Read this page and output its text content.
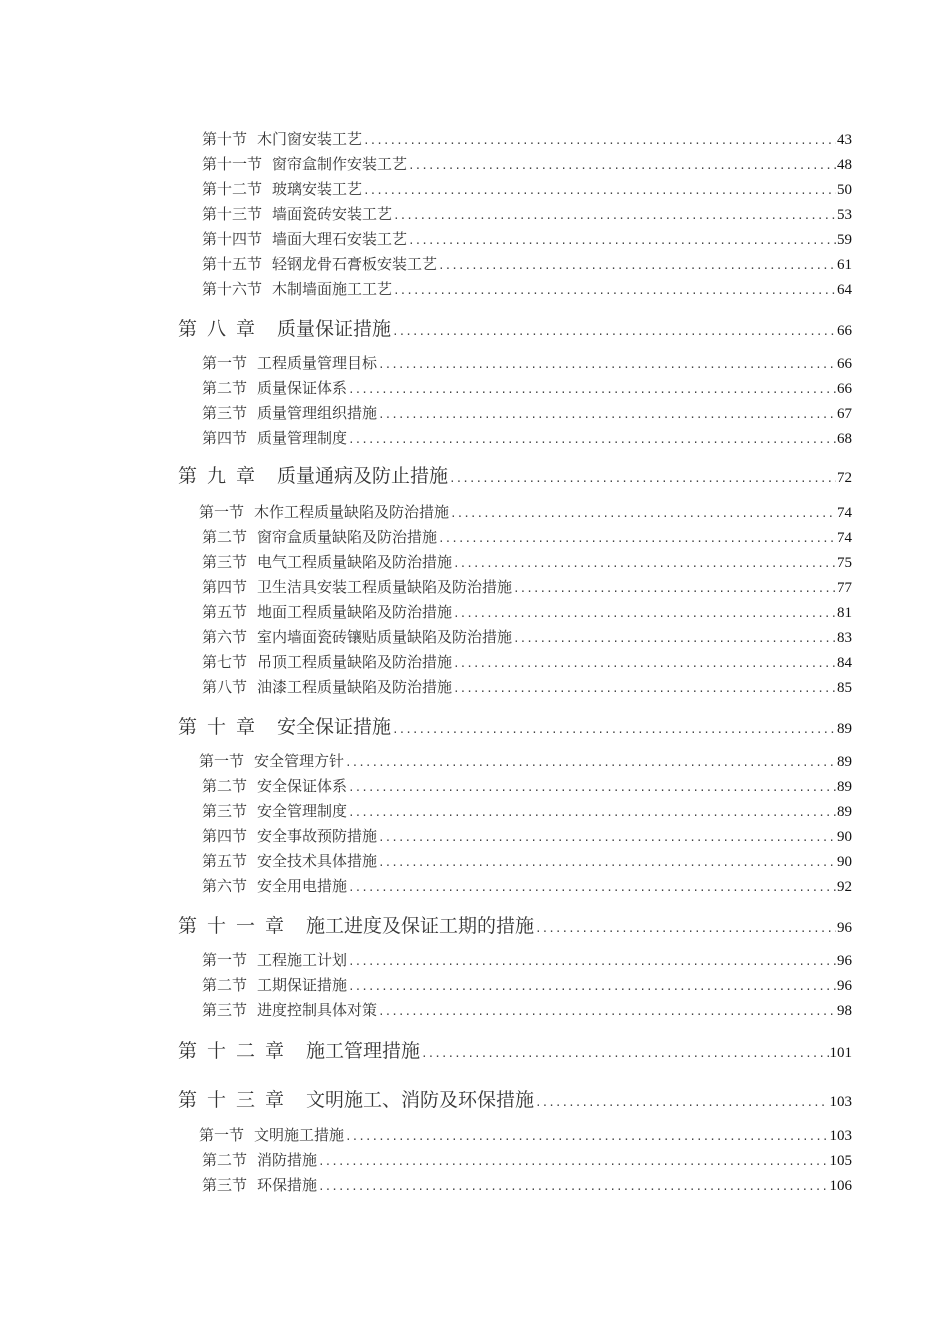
第十节 木门窗安装工艺 .....	43
第十一节 窗帘盒制作安装工艺 .....	48
第十二节 玻璃安装工艺 .....	50
第十三节 墙面瓷砖安装工艺 .....	53
第十四节 墙面大理石安装工艺 .....	59
第十五节 轻钢龙骨石膏板安装工艺 .....	61
第十六节 木制墙面施工工艺 .....	64
第八章 质量保证措施 .....	66
第一节 工程质量管理目标 .....	66
第二节 质量保证体系 .....	66
第三节 质量管理组织措施 .....	67
第四节 质量管理制度 .....	68
第九章 质量通病及防止措施 .....	72
第一节 木作工程质量缺陷及防治措施 .....	74
第二节 窗帘盒质量缺陷及防治措施 .....	74
第三节 电气工程质量缺陷及防治措施 .....	75
第四节 卫生洁具安装工程质量缺陷及防治措施 .....	77
第五节 地面工程质量缺陷及防治措施 .....	81
第六节 室内墙面瓷砖镶贴质量缺陷及防治措施 .....	83
第七节 吊顶工程质量缺陷及防治措施 .....	84
第八节 油漆工程质量缺陷及防治措施 .....	85
第十章 安全保证措施 .....	89
第一节 安全管理方针 .....	89
第二节 安全保证体系 .....	89
第三节 安全管理制度 .....	89
第四节 安全事故预防措施 .....	90
第五节 安全技术具体措施 .....	90
第六节 安全用电措施 .....	92
第十一章 施工进度及保证工期的措施 .....	96
第一节 工程施工计划 .....	96
第二节 工期保证措施 .....	96
第三节 进度控制具体对策 .....	98
第十二章 施工管理措施 .....	101
第十三章 文明施工、消防及环保措施 .....	103
第一节 文明施工措施 .....	103
第二节 消防措施 .....	105
第三节 环保措施 .....	106
